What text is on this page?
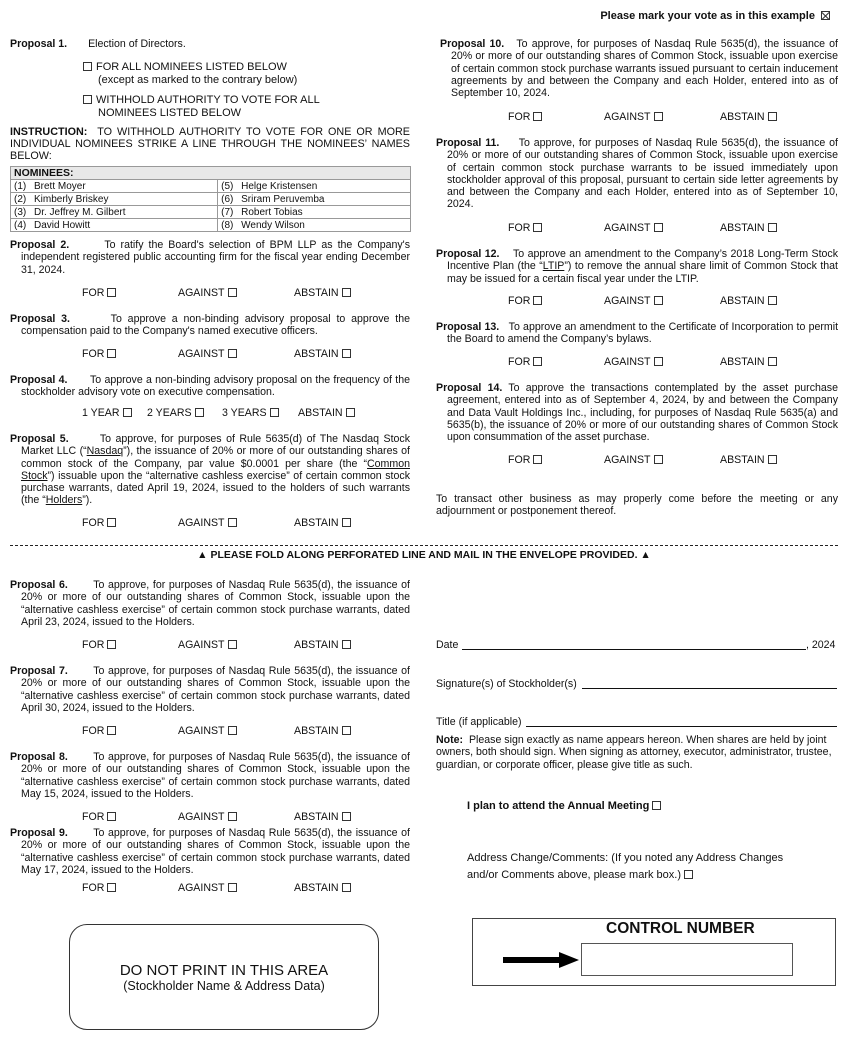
Please mark your vote as in this example
Proposal 1. Election of Directors.
FOR ALL NOMINEES LISTED BELOW
(except as marked to the contrary below)
WITHHOLD AUTHORITY TO VOTE FOR ALL
NOMINEES LISTED BELOW
INSTRUCTION: TO WITHHOLD AUTHORITY TO VOTE FOR ONE OR MORE INDIVIDUAL NOMINEES STRIKE A LINE THROUGH THE NOMINEES’ NAMES BELOW:
NOMINEES:	
(1) Brett Moyer	(5) Helge Kristensen
(2) Kimberly Briskey	(6) Sriram Peruvemba
(3) Dr. Jeffrey M. Gilbert	(7) Robert Tobias
(4) David Howitt	(8) Wendy Wilson
Proposal 2.	To ratify the Board's selection of BPM LLP as the Company's independent registered public accounting firm for the fiscal year ending December 31, 2024.
FOR	AGAINST	ABSTAIN
Proposal 3.	To approve a non-binding advisory proposal to approve the compensation paid to the Company's named executive officers.
FOR	AGAINST	ABSTAIN
Proposal 4. To approve a non-binding advisory proposal on the frequency of the stockholder advisory vote on executive compensation.
1 YEAR	2 YEARS	3 YEARS	ABSTAIN
Proposal 5.	To approve, for purposes of Rule 5635(d) of The Nasdaq Stock Market LLC (“Nasdaq”), the issuance of 20% or more of our outstanding shares of common stock of the Company, par value $0.0001 per share (the “Common Stock”) issuable upon the “alternative cashless exercise” of certain common stock purchase warrants, dated April 19, 2024, issued to the holders of such warrants (the “Holders”).
FOR	AGAINST	ABSTAIN
Proposal 10. To approve, for purposes of Nasdaq Rule 5635(d), the issuance of 20% or more of our outstanding shares of Common Stock, issuable upon exercise of certain common stock purchase warrants issued pursuant to certain inducement agreements by and between the Company and each Holder, entered into as of September 10, 2024.
FOR	AGAINST	ABSTAIN
Proposal 11. To approve, for purposes of Nasdaq Rule 5635(d), the issuance of 20% or more of our outstanding shares of Common Stock, issuable upon exercise of certain common stock purchase warrants to be issued immediately upon stockholder approval of this proposal, pursuant to certain side letter agreements by and between the Company and each Holder, entered into as of September 10, 2024.
FOR	AGAINST	ABSTAIN
Proposal 12. To approve an amendment to the Company’s 2018 Long-Term Stock Incentive Plan (the “LTIP”) to remove the annual share limit of Common Stock that may be issued for a certain fiscal year under the LTIP.
FOR	AGAINST	ABSTAIN
Proposal 13. To approve an amendment to the Certificate of Incorporation to permit the Board to amend the Company’s bylaws.
FOR	AGAINST	ABSTAIN
Proposal 14. To approve the transactions contemplated by the asset purchase agreement, entered into as of September 4, 2024, by and between the Company and Data Vault Holdings Inc., including, for purposes of Nasdaq Rule 5635(a) and 5635(b), the issuance of 20% or more of our outstanding shares of Common Stock upon consummation of the asset purchase.
FOR	AGAINST	ABSTAIN
To transact other business as may properly come before the meeting or any adjournment or postponement thereof.
▲ PLEASE FOLD ALONG PERFORATED LINE AND MAIL IN THE ENVELOPE PROVIDED. ▲
Proposal 6. To approve, for purposes of Nasdaq Rule 5635(d), the issuance of 20% or more of our outstanding shares of Common Stock, issuable upon the “alternative cashless exercise” of certain common stock purchase warrants, dated April 23, 2024, issued to the Holders.
FOR	AGAINST	ABSTAIN
Proposal 7. To approve, for purposes of Nasdaq Rule 5635(d), the issuance of 20% or more of our outstanding shares of Common Stock, issuable upon the “alternative cashless exercise” of certain common stock purchase warrants, dated April 30, 2024, issued to the Holders.
FOR	AGAINST	ABSTAIN
Proposal 8. To approve, for purposes of Nasdaq Rule 5635(d), the issuance of 20% or more of our outstanding shares of Common Stock, issuable upon the “alternative cashless exercise” of certain common stock purchase warrants, dated May 15, 2024, issued to the Holders.
FOR	AGAINST	ABSTAIN
Proposal 9. To approve, for purposes of Nasdaq Rule 5635(d), the issuance of 20% or more of our outstanding shares of Common Stock, issuable upon the “alternative cashless exercise” of certain common stock purchase warrants, dated May 17, 2024, issued to the Holders.
FOR	AGAINST	ABSTAIN
Date	, 2024
Signature(s) of Stockholder(s)
Title (if applicable)
Note: Please sign exactly as name appears hereon. When shares are held by joint owners, both should sign. When signing as attorney, executor, administrator, trustee, guardian, or corporate officer, please give title as such.
I plan to attend the Annual Meeting
Address Change/Comments: (If you noted any Address Changes
and/or Comments above, please mark box.)
DO NOT PRINT IN THIS AREA
(Stockholder Name & Address Data)
CONTROL NUMBER
